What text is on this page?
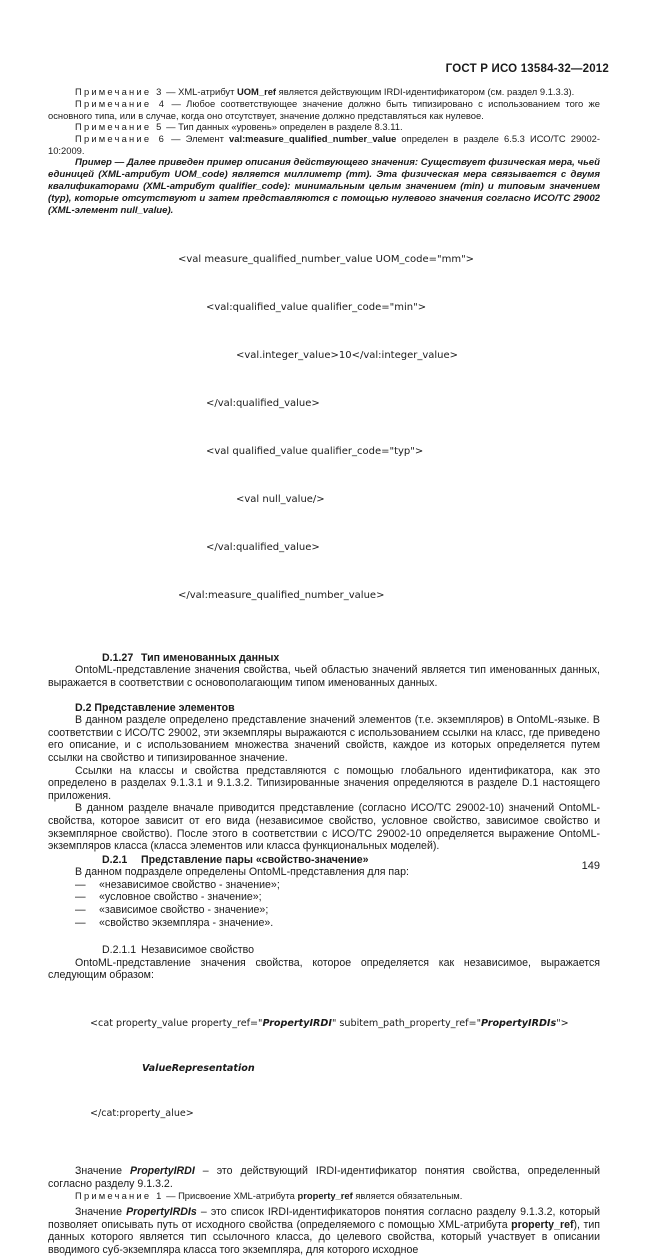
ГОСТ Р ИСО 13584-32—2012

Примечание 3 — XML-атрибут UOM_ref является действующим IRDI-идентификатором (см. раздел 9.1.3.3).

Примечание 4 — Любое соответствующее значение должно быть типизировано с использованием того же основного типа, или в случае, когда оно отсутствует, значение должно представляться как нулевое.

Примечание 5 — Тип данных «уровень» определен в разделе 8.3.11.

Примечание 6 — Элемент val:measure_qualified_number_value определен в разделе 6.5.3 ИСО/TC 29002-10:2009.

Пример — Далее приведен пример описания действующего значения: Существует физическая мера, чьей единицей (XML-атрибут UOM_code) является миллиметр (mm). Эта физическая мера связывается с двумя квалификаторами (XML-атрибут qualifier_code): минимальным целым значением (min) и типовым значением (typ), которые отсутствуют и затем представляются с помощью нулевого значения согласно ИСО/TC 29002 (XML-элемент null_value).

<val measure_qualified_number_value UOM_code="mm">

<val:qualified_value qualifier_code="min">

<val.integer_value>10</val:integer_value>

</val:qualified_value>

<val qualified_value qualifier_code="typ">

<val null_value/>

</val:qualified_value>

</val:measure_qualified_number_value>

D.1.27 Тип именованных данных

OntoML-представление значения свойства, чьей областью значений является тип именованных данных, выражается в соответствии с основополагающим типом именованных данных.

D.2 Представление элементов

В данном разделе определено представление значений элементов (т.е. экземпляров) в OntoML-языке. В соответствии с ИСО/TC 29002, эти экземпляры выражаются с использованием ссылки на класс, где приведено его описание, и с использованием множества значений свойств, каждое из которых определяется путем ссылки на свойство и типизированное значение.

Ссылки на классы и свойства представляются с помощью глобального идентификатора, как это определено в разделах 9.1.3.1 и 9.1.3.2. Типизированные значения определяются в разделе D.1 настоящего приложения.

В данном разделе вначале приводится представление (согласно ИСО/TC 29002-10) значений OntoML-свойства, которое зависит от его вида (независимое свойство, условное свойство, зависимое свойство и экземплярное свойство). После этого в соответствии с ИСО/TC 29002-10 определяется выражение OntoML-экземпляров класса (класса элементов или класса функциональных моделей).

D.2.1 Представление пары «свойство-значение»

В данном подразделе определены OntoML-представления для пар:

— «независимое свойство - значение»;
— «условное свойство - значение»;
— «зависимое свойство - значение»;
— «свойство экземпляра - значение».

D.2.1.1 Независимое свойство

OntoML-представление значения свойства, которое определяется как независимое, выражается следующим образом:

<cat property_value property_ref="PropertyIRDI" subitem_path_property_ref="PropertyIRDIs">

ValueRepresentation

</cat:property_alue>

Значение PropertyIRDI – это действующий IRDI-идентификатор понятия свойства, определенный согласно разделу 9.1.3.2.

Примечание 1 — Присвоение XML-атрибута property_ref является обязательным.

Значение PropertyIRDIs – это список IRDI-идентификаторов понятия согласно разделу 9.1.3.2, который позволяет описывать путь от исходного свойства (определяемого с помощью XML-атрибута property_ref), тип данных которого является тип ссылочного класса, до целевого свойства, который участвует в описании вводимого суб-экземпляра класса того экземпляра, для которого исходное

149
